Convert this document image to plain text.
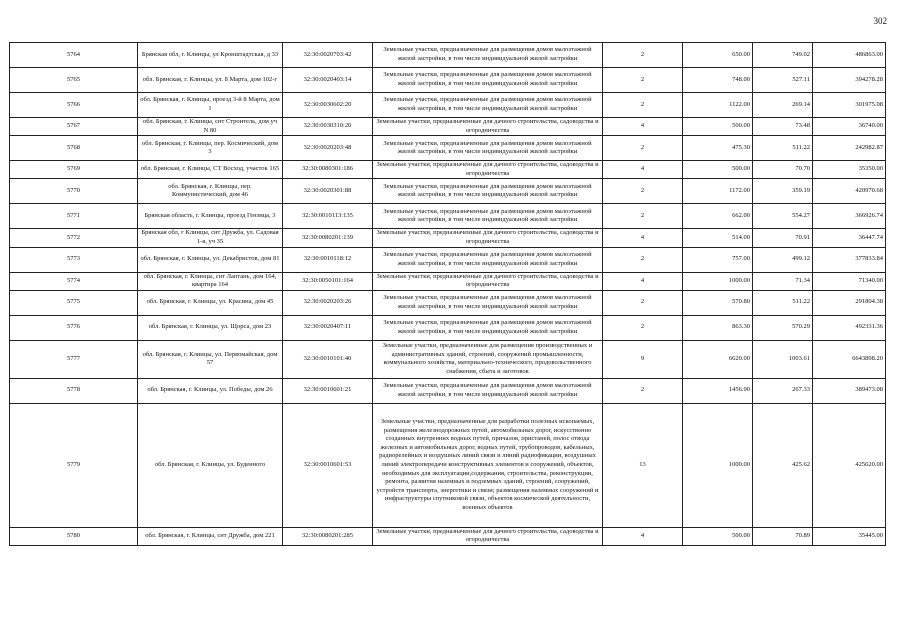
302
5764	Брянская обл, г. Клинцы, ул Кронштадтская, д 33	32:30:0020703:42	Земельные участки, предназначенные для размещения домов малоэтажной жилой застройки, в том числе индивидуальной жилой застройки	2	650.00	749.02	486863.00
5765	обл. Брянская, г. Клинцы, ул. 8 Марта, дом 102-г	32:30:0020403:14	Земельные участки, предназначенные для размещения домов малоэтажной жилой застройки, в том числе индивидуальной жилой застройки	2	748.00	527.11	394278.28
5766	обл. Брянская, г. Клинцы, проезд 3-й 8 Марта, дом 1	32:30:0030602:20	Земельные участки, предназначенные для размещения домов малоэтажной жилой застройки, в том числе индивидуальной жилой застройки	2	1122.00	269.14	301975.08
5767	обл. Брянская, г. Клинцы, снт Строитель, дом уч N 80	32:30:0030310:20	Земельные участки, предназначенные для дачного строительства, садоводства и огородничества	4	500.00	73.48	36740.00
5768	обл. Брянская, г. Клинцы, пер. Космический, дом 3	32:30:0020203:48	Земельные участки, предназначенные для размещения домов малоэтажной жилой застройки, в том числе индивидуальной жилой застройки	2	475.30	511.22	242982.87
5769	обл. Брянская, г. Клинцы, СТ Восход, участок 165	32:30:0080301:186	Земельные участки, предназначенные для дачного строительства, садоводства и огородничества	4	500.00	70.70	35350.00
5770	обл. Брянская, г. Клинцы, пер. Коммунистический, дом 46	32:30:0020301:88	Земельные участки, предназначенные для размещения домов малоэтажной жилой застройки, в том числе индивидуальной жилой застройки	2	1172.00	359.19	420970.68
5771	Брянская область, г. Клинцы, проезд Гензица, 3	32:30:0010113:135	Земельные участки, предназначенные для размещения домов малоэтажной жилой застройки, в том числе индивидуальной жилой застройки	2	662.00	554.27	366926.74
5772	Брянская обл, г Клинцы, снт Дружба, ул. Садовая 1-я, уч 35	32:30:0080201:139	Земельные участки, предназначенные для дачного строительства, садоводства и огородничества	4	514.00	70.91	36447.74
5773	обл. Брянская, г. Клинцы, ул. Декабристов, дом 81	32:30:0010118:12	Земельные участки, предназначенные для размещения домов малоэтажной жилой застройки, в том числе индивидуальной жилой застройки	2	757.00	499.12	377833.84
5774	обл. Брянская, г. Клинцы, снт Лаптань, дом 164, квартира 164	32:30:0050101:164	Земельные участки, предназначенные для дачного строительства, садоводства и огородничества	4	1000.00	71.34	71340.00
5775	обл. Брянская, г. Клинцы, ул. Красина, дом 45	32:30:0020203:26	Земельные участки, предназначенные для размещения домов малоэтажной жилой застройки, в том числе индивидуальной жилой застройки	2	570.80	511.22	291804.38
5776	обл. Брянская, г. Клинцы, ул. Щорса, дом 23	32:30:0020407:11	Земельные участки, предназначенные для размещения домов малоэтажной жилой застройки, в том числе индивидуальной жилой застройки	2	863.30	570.29	492331.36
5777	обл. Брянская, г. Клинцы, ул. Первомайская, дом 57	32:30:0010101:40	Земельные участки, предназначенные для размещения производственных и административных зданий, строений, сооружений промышленности, коммунального хозяйства, материально-технического, продовольственного снабжения, сбыта и заготовок	9	6620.00	1003.61	6643898.20
5778	обл. Брянская, г. Клинцы, ул. Победы, дом 26	32:30:0010601:21	Земельные участки, предназначенные для размещения домов малоэтажной жилой застройки, в том числе индивидуальной жилой застройки	2	1456.90	267.33	389473.08
5779	обл. Брянская, г. Клинцы, ул. Буденного	32:30:0010601:53	Земельные участки, предназначенные для разработки полезных ископаемых, размещения железнодорожных путей, автомобильных дорог, искусственно созданных внутренних водных путей, причалов, пристаней, полос отвода железных и автомобильных дорог, водных путей, трубопроводов, кабельных, радиорелейных и воздушных линий связи и линий радиофикации, воздушных линий электропередачи конструктивных элементов и сооружений, объектов, необходимых для эксплуатации,содержания, строительства, реконструкции, ремонта, развития наземных и подземных зданий, строений, сооружений, устройств транспорта, энергетики и связи; размещения наземных сооружений и инфраструктуры спутниковой связи, объектов космической деятельности, военных объектов	13	1000.00	425.62	425620.00
5780	обл. Брянская, г. Клинцы, снт Дружба, дом 221	32:30:0080201:285	Земельные участки, предназначенные для дачного строительства, садоводства и огородничества	4	500.00	70.89	35445.00
